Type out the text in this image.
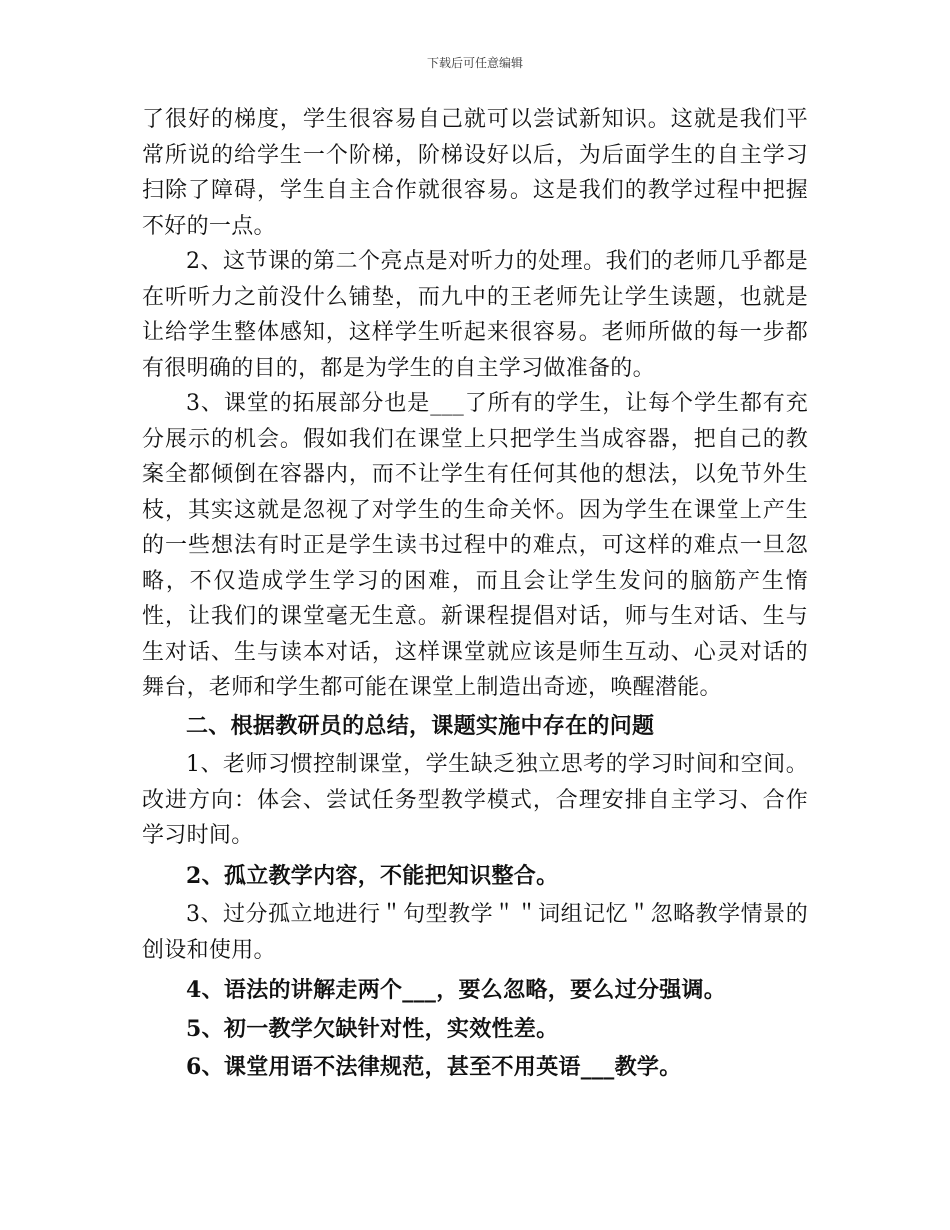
下载后可任意编辑

了很好的梯度，学生很容易自己就可以尝试新知识。这就是我们平常所说的给学生一个阶梯，阶梯设好以后，为后面学生的自主学习扫除了障碍，学生自主合作就很容易。这是我们的教学过程中把握不好的一点。

2、这节课的第二个亮点是对听力的处理。我们的老师几乎都是在听听力之前没什么铺垫，而九中的王老师先让学生读题，也就是让给学生整体感知，这样学生听起来很容易。老师所做的每一步都有很明确的目的，都是为学生的自主学习做准备的。

3、课堂的拓展部分也是___了所有的学生，让每个学生都有充分展示的机会。假如我们在课堂上只把学生当成容器，把自己的教案全都倾倒在容器内，而不让学生有任何其他的想法，以免节外生枝，其实这就是忽视了对学生的生命关怀。因为学生在课堂上产生的一些想法有时正是学生读书过程中的难点，可这样的难点一旦忽略，不仅造成学生学习的困难，而且会让学生发问的脑筋产生惰性，让我们的课堂毫无生意。新课程提倡对话，师与生对话、生与生对话、生与读本对话，这样课堂就应该是师生互动、心灵对话的舞台，老师和学生都可能在课堂上制造出奇迹，唤醒潜能。

二、根据教研员的总结，课题实施中存在的问题

1、老师习惯控制课堂，学生缺乏独立思考的学习时间和空间。改进方向：体会、尝试任务型教学模式，合理安排自主学习、合作学习时间。

2、孤立教学内容，不能把知识整合。

3、过分孤立地进行＂句型教学＂＂词组记忆＂忽略教学情景的创设和使用。

4、语法的讲解走两个___，要么忽略，要么过分强调。

5、初一教学欠缺针对性，实效性差。

6、课堂用语不法律规范，甚至不用英语___教学。
